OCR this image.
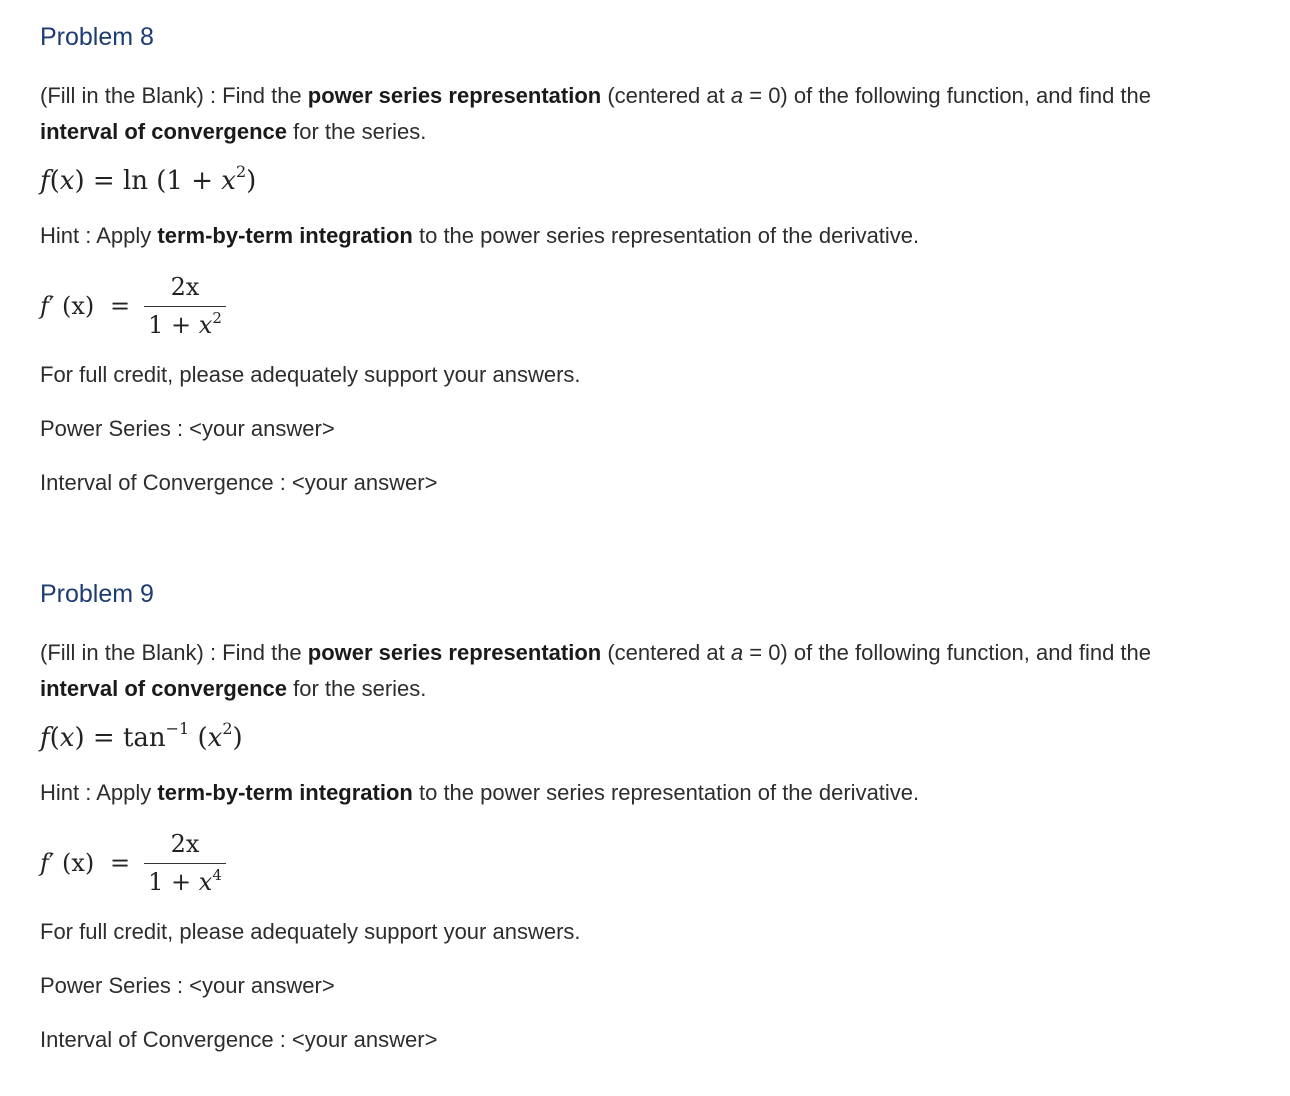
Problem 8

(Fill in the Blank) : Find the power series representation (centered at a = 0) of the following function, and find the
interval of convergence for the series.

$f(x) = \ln (1 + x^2)$

Hint : Apply term-by-term integration to the power series representation of the derivative.

f′ (x) =
2x
$1 + x^2$

For full credit, please adequately support your answers.

Power Series : <your answer>

Interval of Convergence : <your answer>

Problem 9

(Fill in the Blank) : Find the power series representation (centered at a = 0) of the following function, and find the
interval of convergence for the series.

$f(x) = \tan^{-1} (x^2)$

Hint : Apply term-by-term integration to the power series representation of the derivative.

f′ (x) =
2x
$1 + x^4$

For full credit, please adequately support your answers.

Power Series : <your answer>

Interval of Convergence : <your answer>
